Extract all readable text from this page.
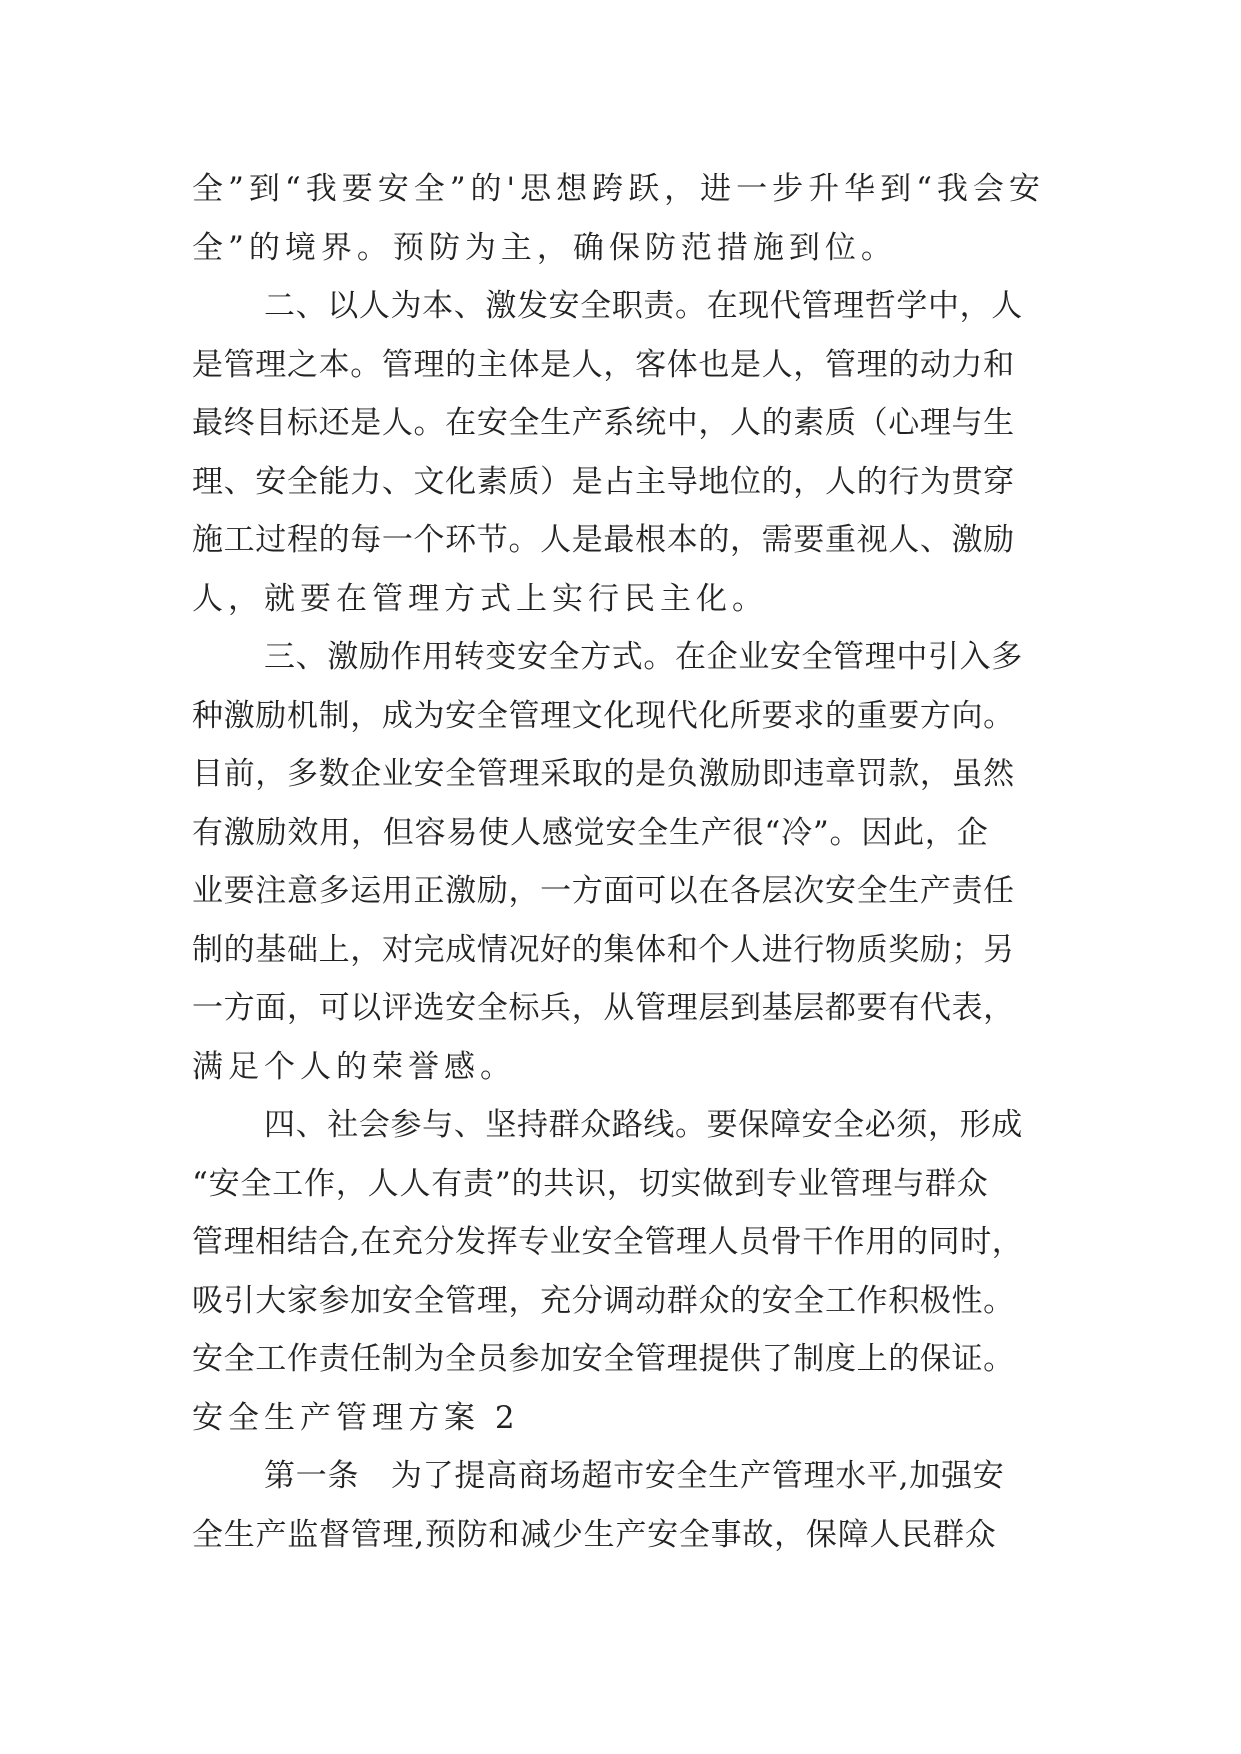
全”到“我要安全”的'思想跨跃，进一步升华到“我会安
全”的境界。预防为主，确保防范措施到位。
二、以人为本、激发安全职责。在现代管理哲学中，人
是管理之本。管理的主体是人，客体也是人，管理的动力和
最终目标还是人。在安全生产系统中，人的素质（心理与生
理、安全能力、文化素质）是占主导地位的，人的行为贯穿
施工过程的每一个环节。人是最根本的，需要重视人、激励
人，就要在管理方式上实行民主化。
三、激励作用转变安全方式。在企业安全管理中引入多
种激励机制，成为安全管理文化现代化所要求的重要方向。
目前，多数企业安全管理采取的是负激励即违章罚款，虽然
有激励效用，但容易使人感觉安全生产很“冷”。因此，企
业要注意多运用正激励，一方面可以在各层次安全生产责任
制的基础上，对完成情况好的集体和个人进行物质奖励；另
一方面，可以评选安全标兵，从管理层到基层都要有代表，
满足个人的荣誉感。
四、社会参与、坚持群众路线。要保障安全必须，形成
“安全工作，人人有责”的共识，切实做到专业管理与群众
管理相结合,在充分发挥专业安全管理人员骨干作用的同时，
吸引大家参加安全管理，充分调动群众的安全工作积极性。
安全工作责任制为全员参加安全管理提供了制度上的保证。
安全生产管理方案 2
第一条　为了提高商场超市安全生产管理水平,加强安
全生产监督管理,预防和减少生产安全事故，保障人民群众
